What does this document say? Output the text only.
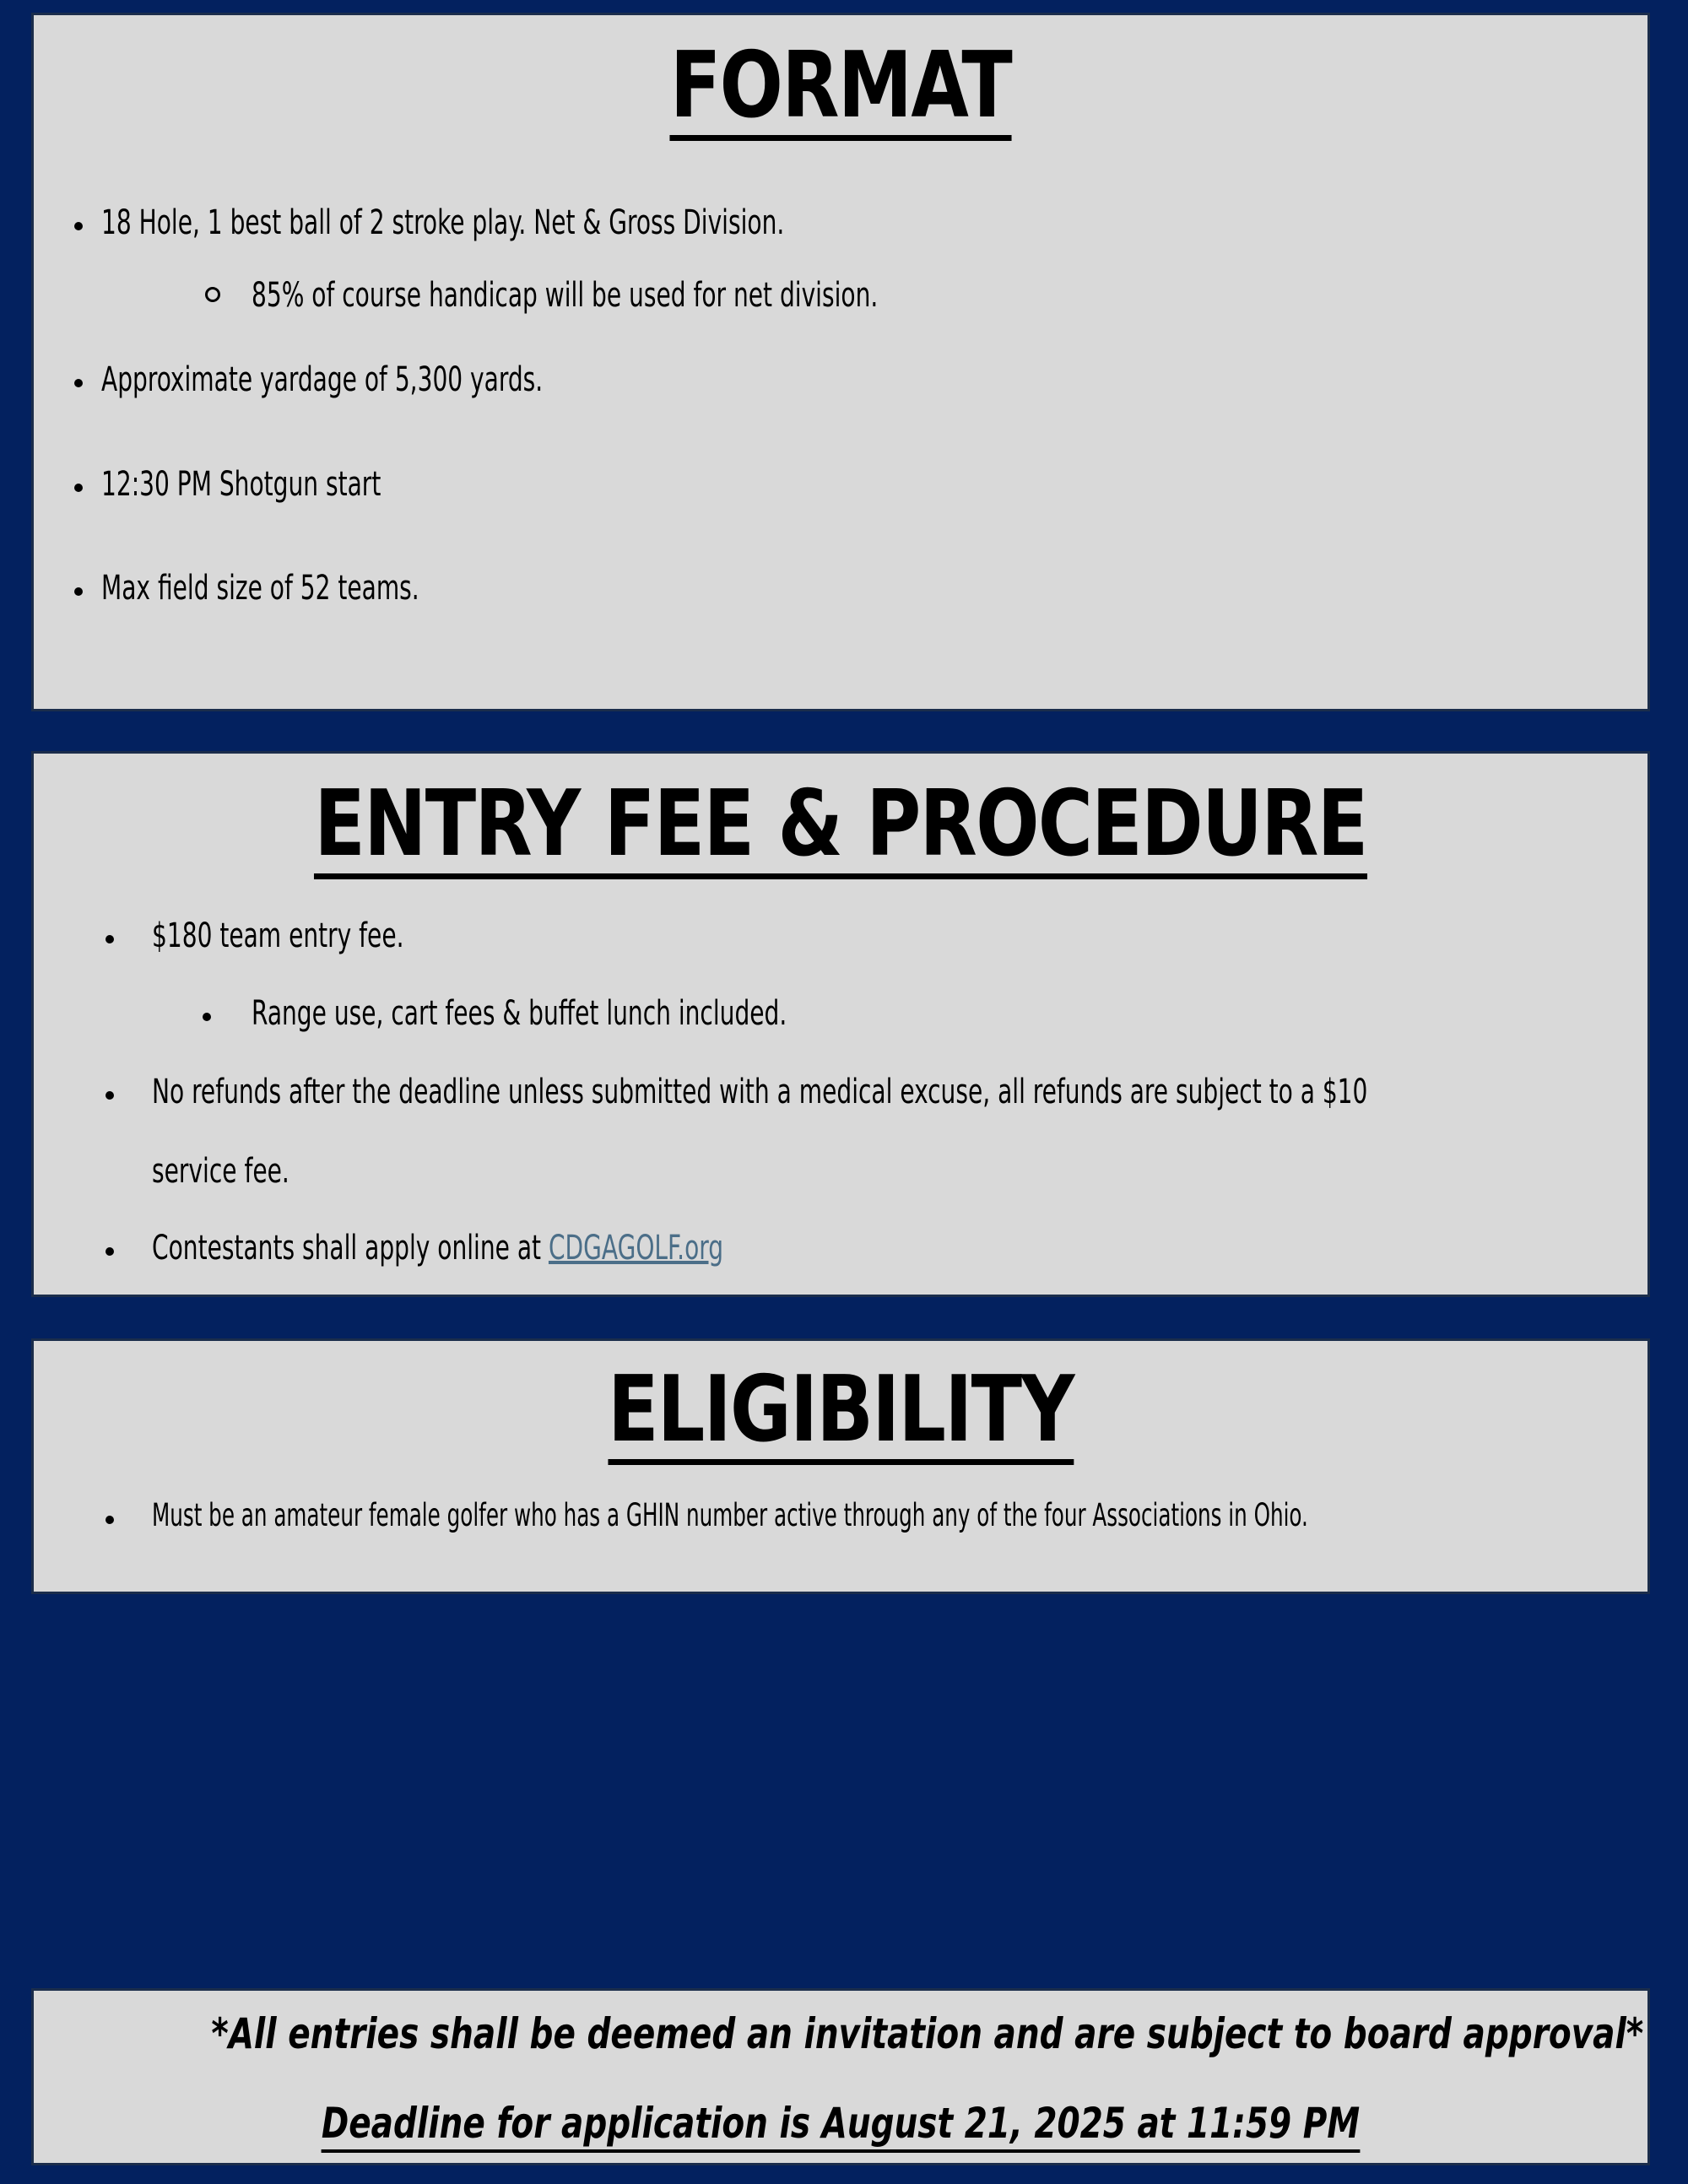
FORMAT
18 Hole, 1 best ball of 2 stroke play. Net & Gross Division.
85% of course handicap will be used for net division.
Approximate yardage of 5,300 yards.
12:30 PM Shotgun start
Max field size of 52 teams.
ENTRY FEE & PROCEDURE
$180 team entry fee.
Range use, cart fees & buffet lunch included.
No refunds after the deadline unless submitted with a medical excuse, all refunds are subject to a $10
service fee.
Contestants shall apply online at CDGAGOLF.org
ELIGIBILITY
Must be an amateur female golfer who has a GHIN number active through any of the four Associations in Ohio.
*All entries shall be deemed an invitation and are subject to board approval*
Deadline for application is August 21, 2025 at 11:59 PM
